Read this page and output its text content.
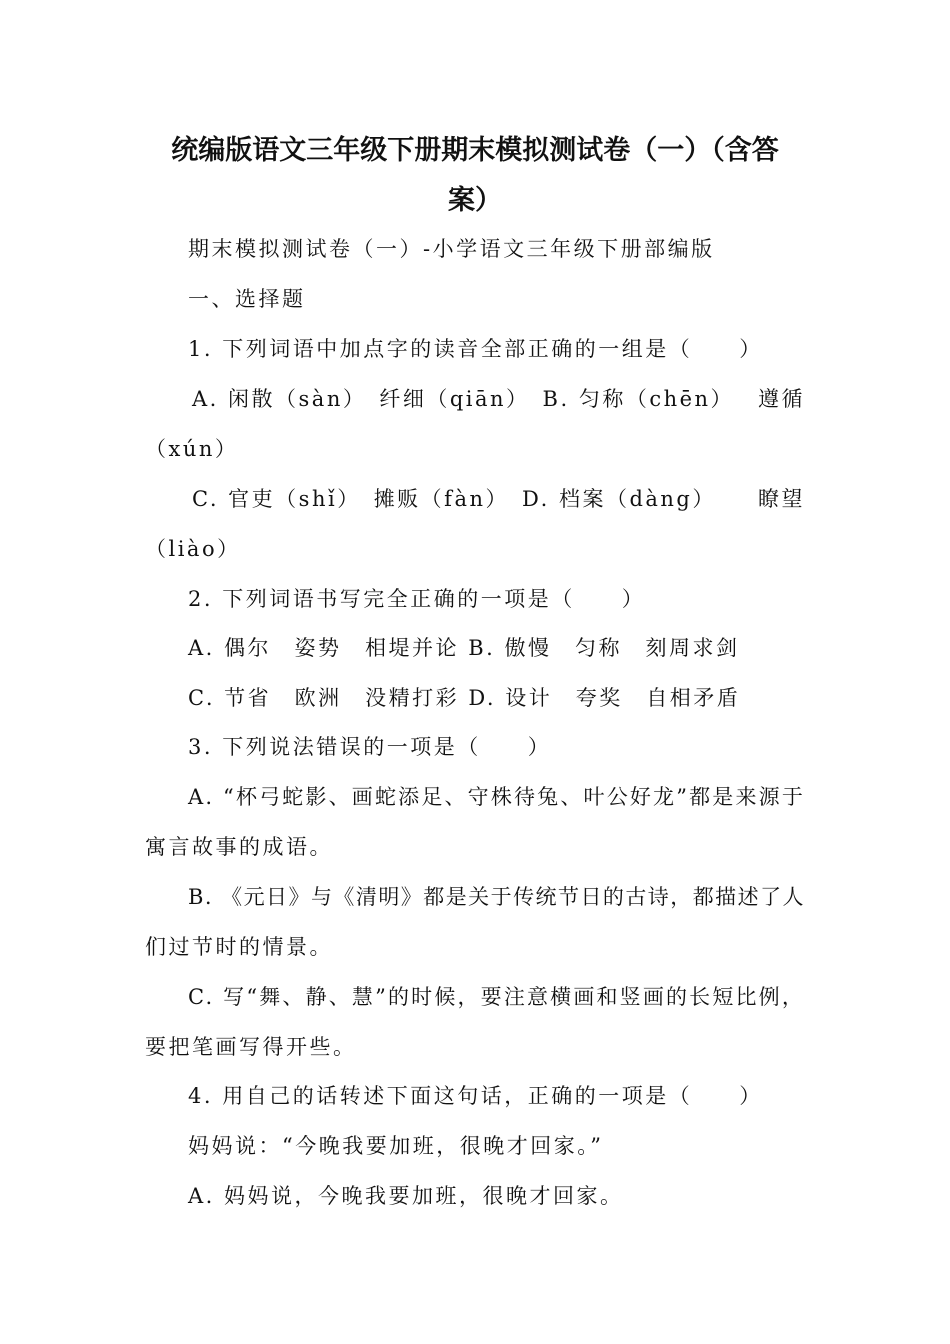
统编版语文三年级下册期末模拟测试卷（一）（含答
案）
期末模拟测试卷（一）-小学语文三年级下册部编版
一、选择题
1. 下列词语中加点字的读音全部正确的一组是（　　）
A. 闲散（sàn）　纤细（qiān）　B. 匀称（chēn） 遵循
（xún）
C. 官吏（shǐ）　摊贩（fàn）　D. 档案（dàng） 瞭望
（liào）
2. 下列词语书写完全正确的一项是（　　）
A. 偶尔　姿势　相堤并论 B. 傲慢　匀称　刻周求剑
C. 节省　欧洲　没精打彩 D. 设计　夸奖　自相矛盾
3. 下列说法错误的一项是（　　）
A. “杯弓蛇影、画蛇添足、守株待兔、叶公好龙”都是来源于
寓言故事的成语。
B. 《元日》与《清明》都是关于传统节日的古诗，都描述了人
们过节时的情景。
C. 写“舞、静、慧”的时候，要注意横画和竖画的长短比例，
要把笔画写得开些。
4. 用自己的话转述下面这句话，正确的一项是（　　）
妈妈说：“今晚我要加班，很晚才回家。”
A. 妈妈说，今晚我要加班，很晚才回家。
